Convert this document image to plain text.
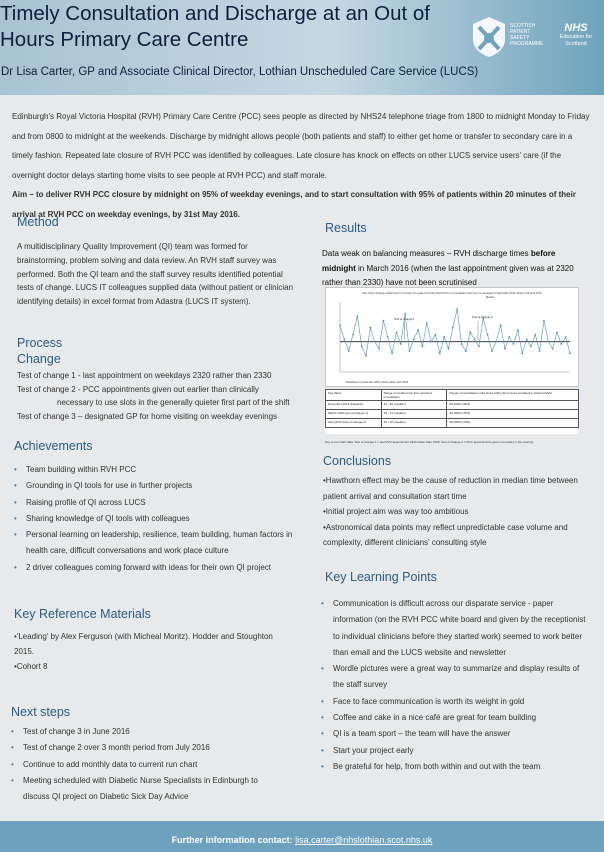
Timely Consultation and Discharge at an Out of Hours Primary Care Centre
Dr Lisa Carter, GP and Associate Clinical Director, Lothian Unscheduled Care Service (LUCS)
SCOTTISH PATIENT SAFETY PROGRAMME
NHS
Education for Scotland

Edinburgh's Royal Victoria Hospital (RVH) Primary Care Centre (PCC) sees people as directed by NHS24 telephone triage from 1800 to midnight Monday to Friday and from 0800 to midnight at the weekends. Discharge by midnight allows people (both patients and staff) to either get home or transfer to secondary care in a timely fashion. Repeated late closure of RVH PCC was identified by colleagues. Late closure has knock on effects on other LUCS service users' care (if the overnight doctor delays starting home visits to see people at RVH PCC) and staff morale.

Aim – to deliver RVH PCC closure by midnight on 95% of weekday evenings, and to start consultation with 95% of patients within 20 minutes of their arrival at RVH PCC on weekday evenings, by 31st May 2016.

Method
A multidisciplinary Quality Improvement (QI) team was formed for brainstorming, problem solving and data review. An RVH staff survey was performed. Both the QI team and the staff survey results identified potential tests of change. LUCS IT colleagues supplied data (without patient or clinician identifying details) in excel format from Adastra (LUCS IT system).
Process
Change
Test of change 1 - last appointment on weekdays 2320 rather than 2330
Test of change 2 - PCC appointments given out earlier than clinically
necessary to use slots in the generally quieter first part of the shift
Test of change 3 – designated GP for home visiting on weekday evenings
Achievements
• Team building within RVH PCC
• Grounding in QI tools for use in further projects
• Raising profile of QI across LUCS
• Sharing knowledge of QI tools with colleagues
• Personal learning on leadership, resilience, team building, human factors in health care, difficult conversations and work place culture
• 2 driver colleagues coming forward with ideas for their own QI project
Key Reference Materials
•'Leading' by Alex Ferguson (with Micheal Moritz). Hodder and Stoughton 2015.
•Cohort 8
Next steps
• Test of change 3 in June 2016
• Test of change 2 over 3 month period from July 2016
• Continue to add monthly data to current run chart
• Meeting scheduled with Diabetic Nurse Specialists in Edinburgh to discuss QI project on Diabetic Sick Day Advice
Results
Data weak on balancing measures – RVH discharge times before midnight in March 2016 (when the last appointment given was at 2320 rather than 2330) have not been scrutinised
Run chart showing median time in minutes from patient arrival at RVH PCC to consultation start time on weekdays in December 2015, March and April 2016
Median
Test of change 1	Test of change 2
Weekdays in December 2015, March 2016, April 2016
Key dates	Range of median time from arrival to consultation	Range of consultation start times within 20 minutes of patient's arrival at RVH
December 2015 (baseline)	16 - 60 (median)	55-100% (35%)
March 2016 (test of change 1)	10 - 31 (median)	40-100% (75%)
April 2016 (test of change 2)	10 - 26 (median)	55-100% (70%)
Key to run chart data: Test of change 1 = last RVH appointment 2320 rather than 2330; Test of change 2 = PCC appointments given out earlier in the evening
Conclusions
•Hawthorn effect may be the cause of reduction in median time between patient arrival and consultation start time
•Initial project aim was way too ambitious
•Astronomical data points may reflect unpredictable case volume and complexity, different clinicians' consulting style
Key Learning Points
• Communication is difficult across our disparate service - paper information (on the RVH PCC white board and given by the receptionist to individual clinicians before they started work) seemed to work better than email and the LUCS website and newsletter
• Wordle pictures were a great way to summarize and display results of the staff survey
• Face to face communication is worth its weight in gold
• Coffee and cake in a nice café are great for team building
• QI is a team sport – the team will have the answer
• Start your project early
• Be grateful for help, from both within and out with the team
Further information contact: lisa.carter@nhslothian.scot.nhs.uk
